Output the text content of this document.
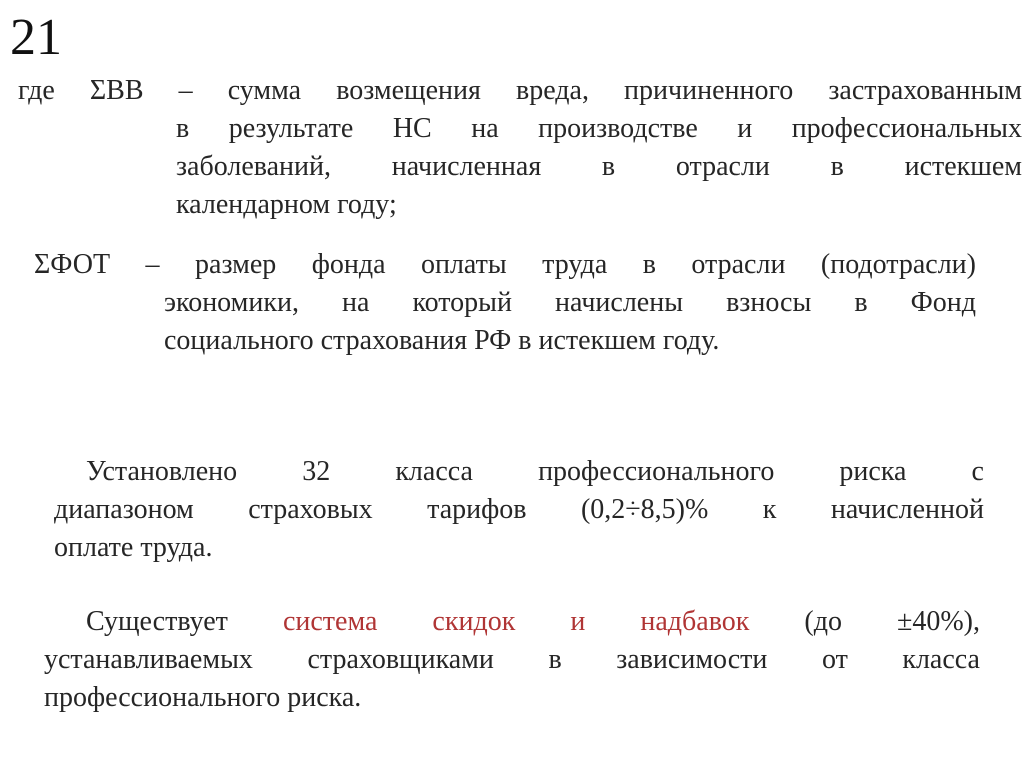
21
где ΣВВ – сумма возмещения вреда, причиненного застрахованным
в результате НС на производстве и профессиональных
заболеваний, начисленная в отрасли в истекшем
календарном году;
ΣФОТ – размер фонда оплаты труда в отрасли (подотрасли)
экономики, на который начислены взносы в Фонд
социального страхования РФ в истекшем году.
Установлено 32 класса профессионального риска с
диапазоном страховых тарифов (0,2÷8,5)% к начисленной
оплате труда.
Существует система скидок и надбавок (до ±40%),
устанавливаемых страховщиками в зависимости от класса
профессионального риска.
